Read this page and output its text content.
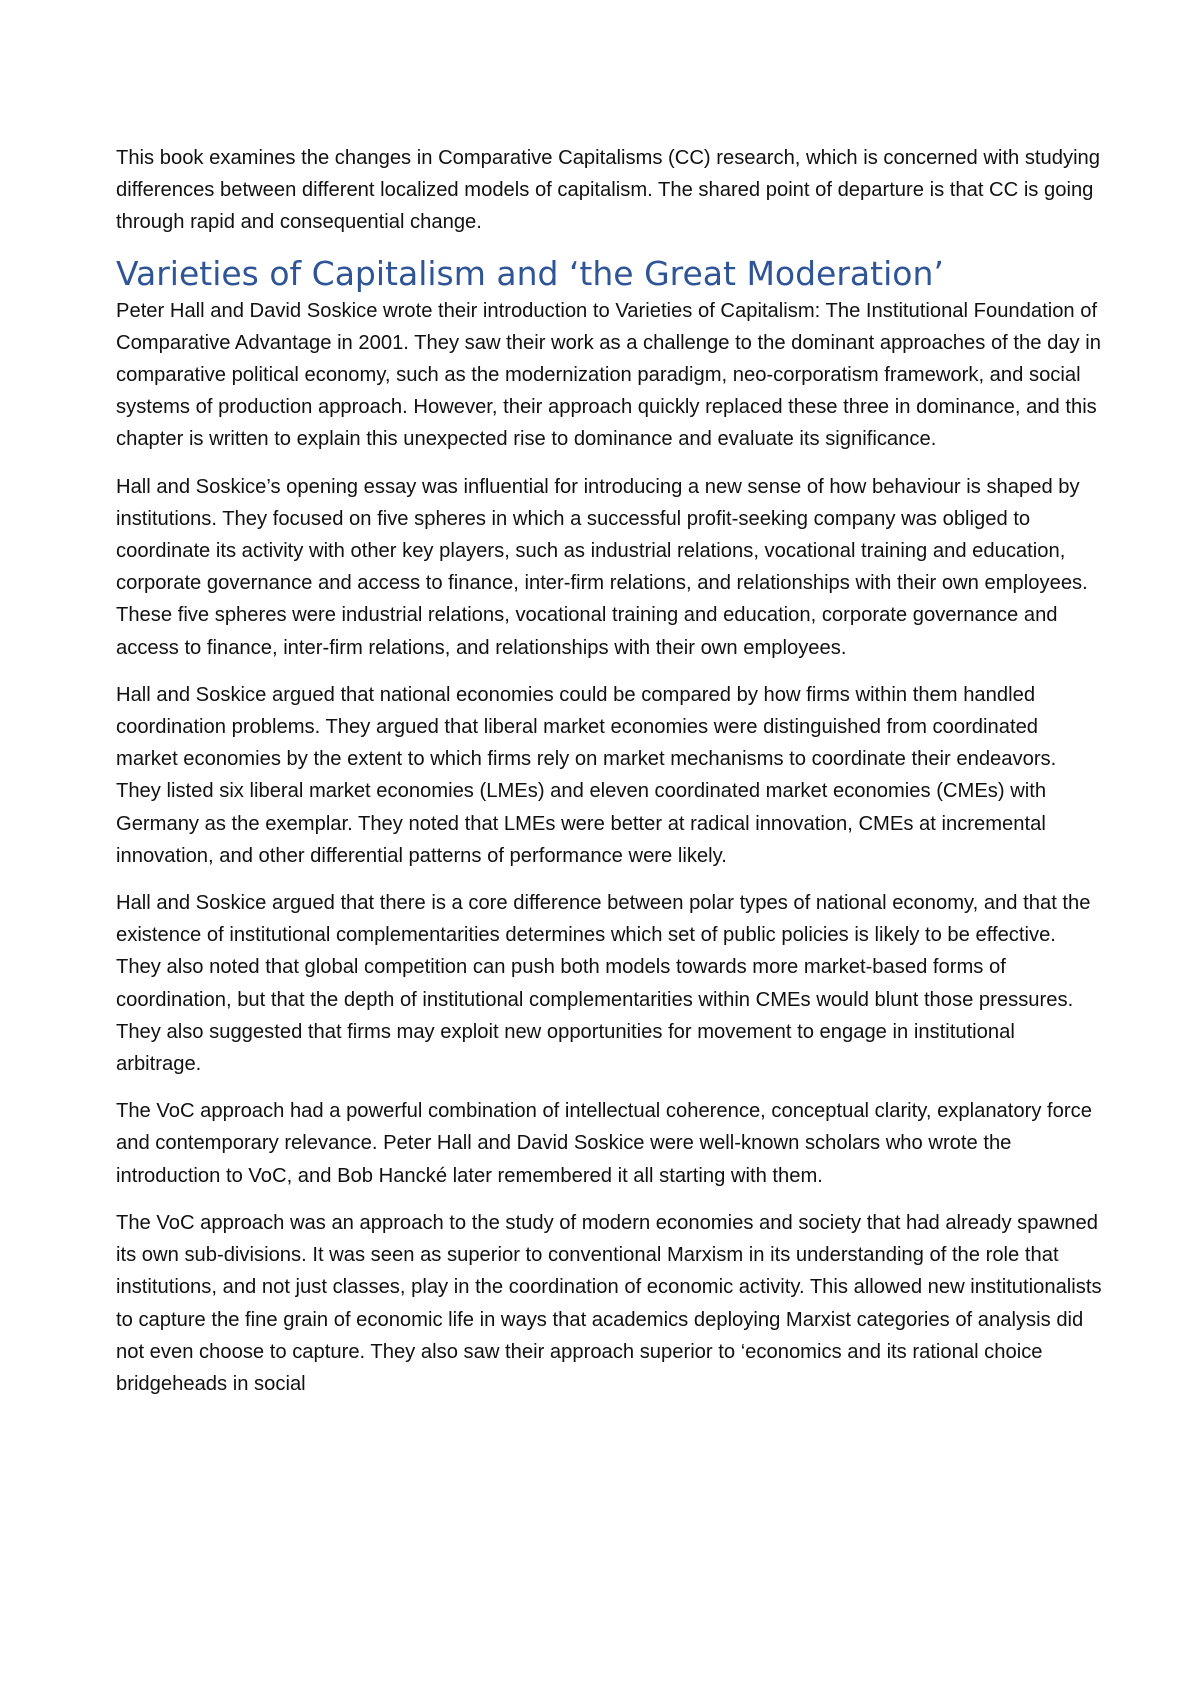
This book examines the changes in Comparative Capitalisms (CC) research, which is concerned with studying differences between different localized models of capitalism. The shared point of departure is that CC is going through rapid and consequential change.

Varieties of Capitalism and ‘the Great Moderation’

Peter Hall and David Soskice wrote their introduction to Varieties of Capitalism: The Institutional Foundation of Comparative Advantage in 2001. They saw their work as a challenge to the dominant approaches of the day in comparative political economy, such as the modernization paradigm, neo-corporatism framework, and social systems of production approach. However, their approach quickly replaced these three in dominance, and this chapter is written to explain this unexpected rise to dominance and evaluate its significance.

Hall and Soskice’s opening essay was influential for introducing a new sense of how behaviour is shaped by institutions. They focused on five spheres in which a successful profit-seeking company was obliged to coordinate its activity with other key players, such as industrial relations, vocational training and education, corporate governance and access to finance, inter-firm relations, and relationships with their own employees. These five spheres were industrial relations, vocational training and education, corporate governance and access to finance, inter-firm relations, and relationships with their own employees.

Hall and Soskice argued that national economies could be compared by how firms within them handled coordination problems. They argued that liberal market economies were distinguished from coordinated market economies by the extent to which firms rely on market mechanisms to coordinate their endeavors. They listed six liberal market economies (LMEs) and eleven coordinated market economies (CMEs) with Germany as the exemplar. They noted that LMEs were better at radical innovation, CMEs at incremental innovation, and other differential patterns of performance were likely.

Hall and Soskice argued that there is a core difference between polar types of national economy, and that the existence of institutional complementarities determines which set of public policies is likely to be effective. They also noted that global competition can push both models towards more market-based forms of coordination, but that the depth of institutional complementarities within CMEs would blunt those pressures. They also suggested that firms may exploit new opportunities for movement to engage in institutional arbitrage.

The VoC approach had a powerful combination of intellectual coherence, conceptual clarity, explanatory force and contemporary relevance. Peter Hall and David Soskice were well-known scholars who wrote the introduction to VoC, and Bob Hancké later remembered it all starting with them.

The VoC approach was an approach to the study of modern economies and society that had already spawned its own sub-divisions. It was seen as superior to conventional Marxism in its understanding of the role that institutions, and not just classes, play in the coordination of economic activity. This allowed new institutionalists to capture the fine grain of economic life in ways that academics deploying Marxist categories of analysis did not even choose to capture. They also saw their approach superior to ‘economics and its rational choice bridgeheads in social
